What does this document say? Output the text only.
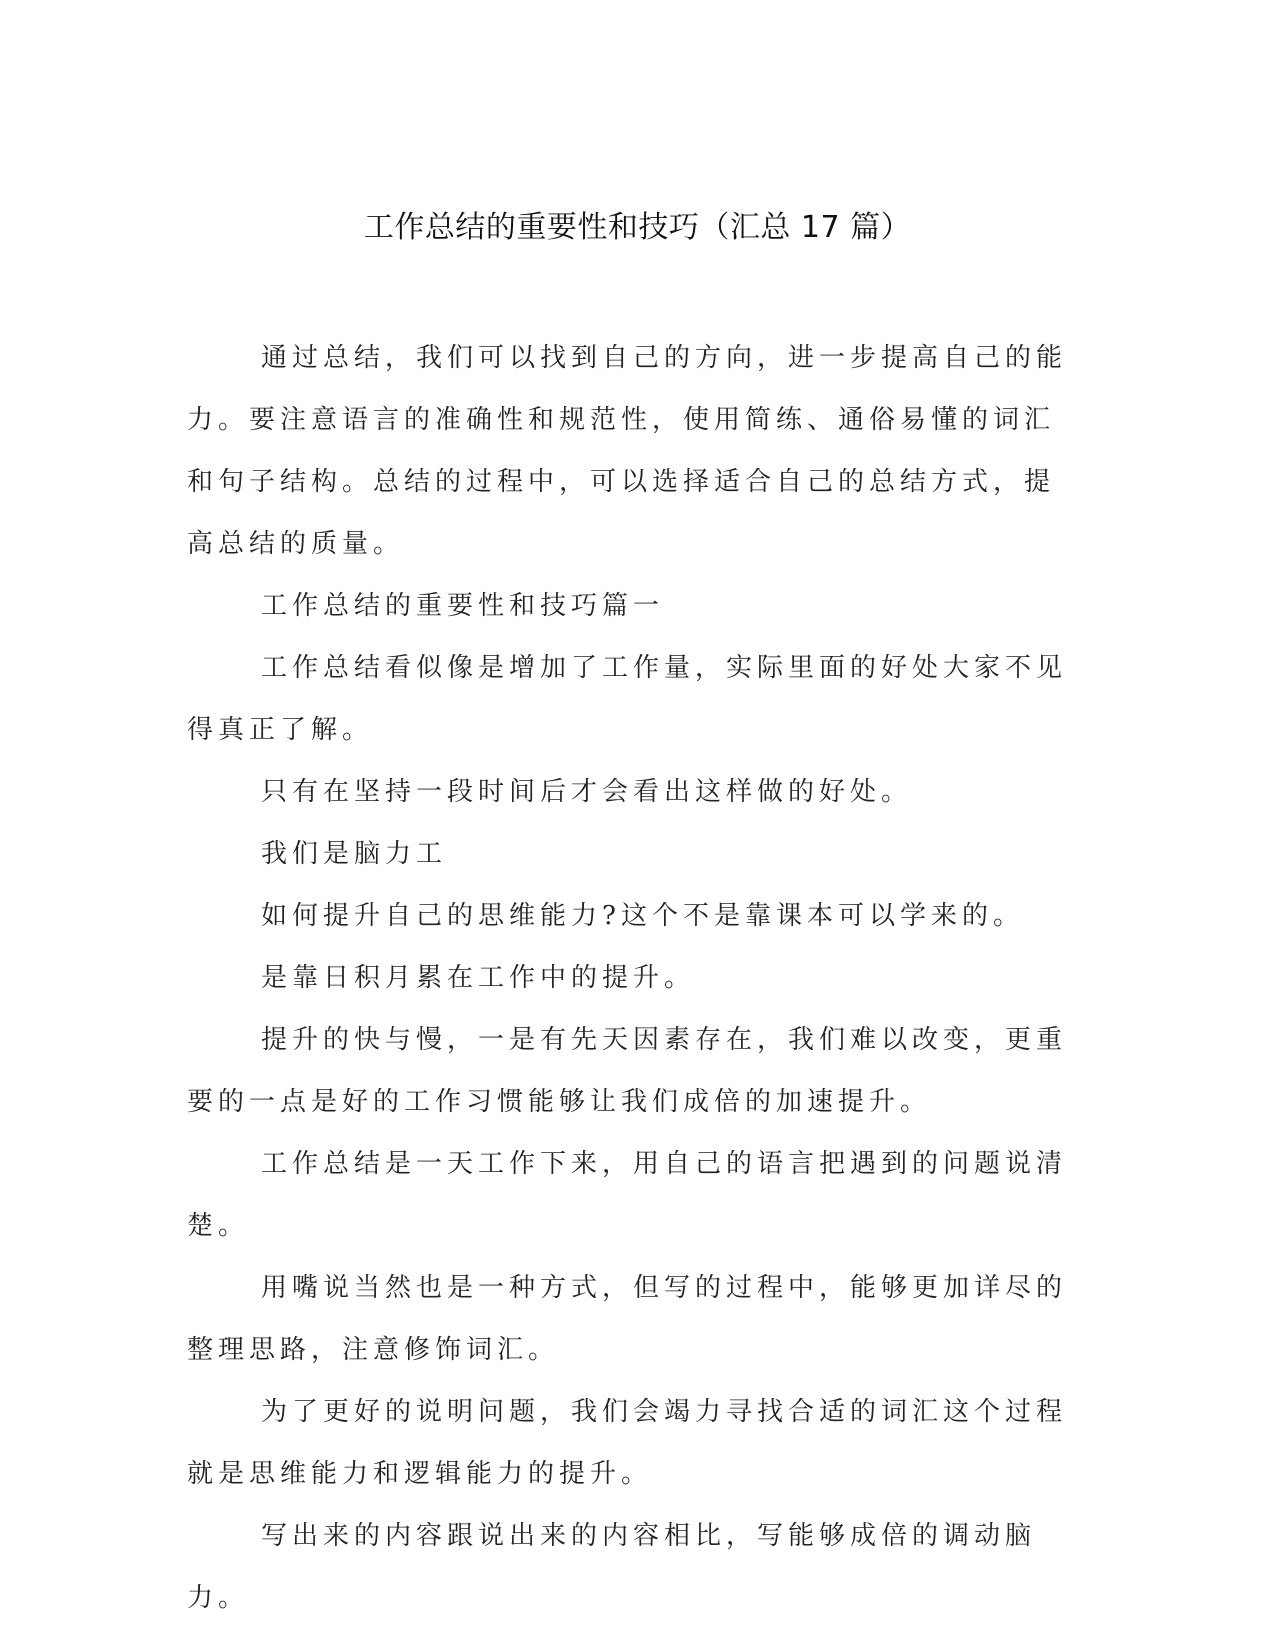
工作总结的重要性和技巧（汇总 17 篇）

通过总结，我们可以找到自己的方向，进一步提高自己的能力。要注意语言的准确性和规范性，使用简练、通俗易懂的词汇和句子结构。总结的过程中，可以选择适合自己的总结方式，提高总结的质量。

工作总结的重要性和技巧篇一

工作总结看似像是增加了工作量，实际里面的好处大家不见得真正了解。

只有在坚持一段时间后才会看出这样做的好处。

我们是脑力工

如何提升自己的思维能力?这个不是靠课本可以学来的。

是靠日积月累在工作中的提升。

提升的快与慢，一是有先天因素存在，我们难以改变，更重要的一点是好的工作习惯能够让我们成倍的加速提升。

工作总结是一天工作下来，用自己的语言把遇到的问题说清楚。

用嘴说当然也是一种方式，但写的过程中，能够更加详尽的整理思路，注意修饰词汇。

为了更好的说明问题，我们会竭力寻找合适的词汇这个过程就是思维能力和逻辑能力的提升。

写出来的内容跟说出来的内容相比，写能够成倍的调动脑力。
